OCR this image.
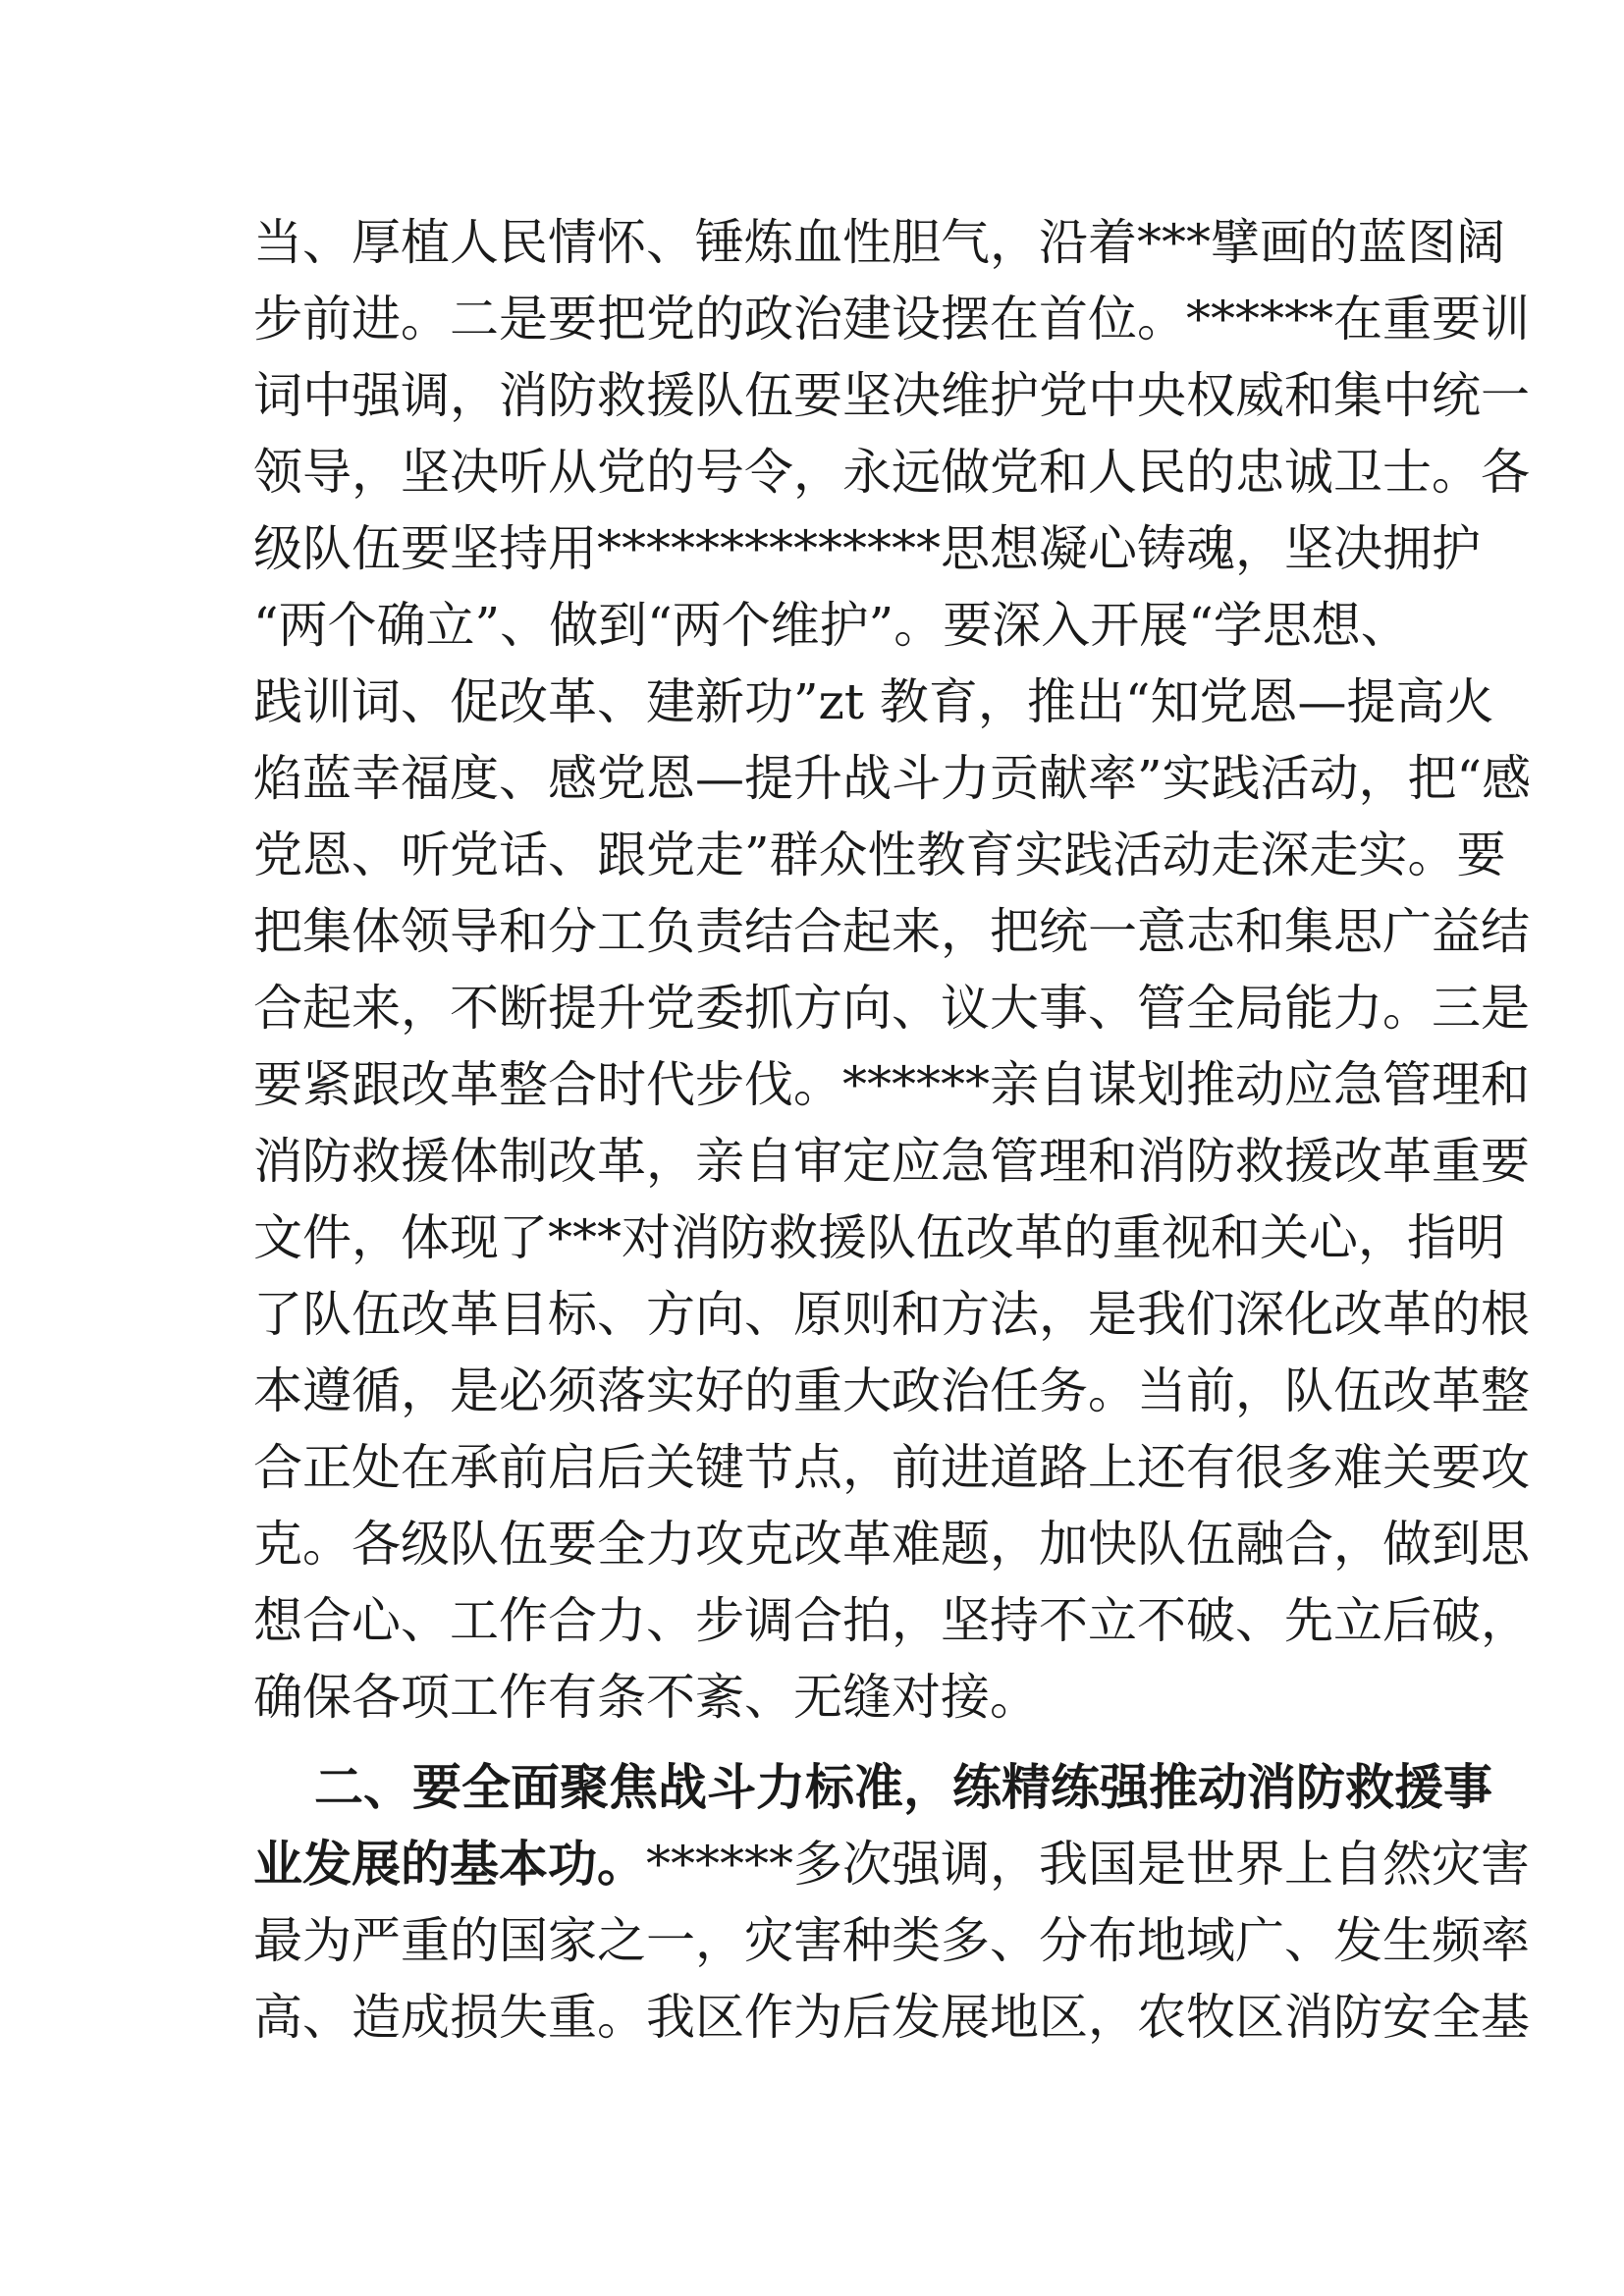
当、厚植人民情怀、锤炼血性胆气，沿着***擘画的蓝图阔
步前进。二是要把党的政治建设摆在首位。******在重要训
词中强调，消防救援队伍要坚决维护党中央权威和集中统一
领导，坚决听从党的号令，永远做党和人民的忠诚卫士。各
级队伍要坚持用**************思想凝心铸魂，坚决拥护
“两个确立”、做到“两个维护”。要深入开展“学思想、
践训词、促改革、建新功”zt 教育，推出“知党恩—提高火
焰蓝幸福度、感党恩—提升战斗力贡献率”实践活动，把“感
党恩、听党话、跟党走”群众性教育实践活动走深走实。要
把集体领导和分工负责结合起来，把统一意志和集思广益结
合起来，不断提升党委抓方向、议大事、管全局能力。三是
要紧跟改革整合时代步伐。******亲自谋划推动应急管理和
消防救援体制改革，亲自审定应急管理和消防救援改革重要
文件，体现了***对消防救援队伍改革的重视和关心，指明
了队伍改革目标、方向、原则和方法，是我们深化改革的根
本遵循，是必须落实好的重大政治任务。当前，队伍改革整
合正处在承前启后关键节点，前进道路上还有很多难关要攻
克。各级队伍要全力攻克改革难题，加快队伍融合，做到思
想合心、工作合力、步调合拍，坚持不立不破、先立后破，
确保各项工作有条不紊、无缝对接。
二、要全面聚焦战斗力标准，练精练强推动消防救援事
业发展的基本功。******多次强调，我国是世界上自然灾害
最为严重的国家之一，灾害种类多、分布地域广、发生频率
高、造成损失重。我区作为后发展地区，农牧区消防安全基
